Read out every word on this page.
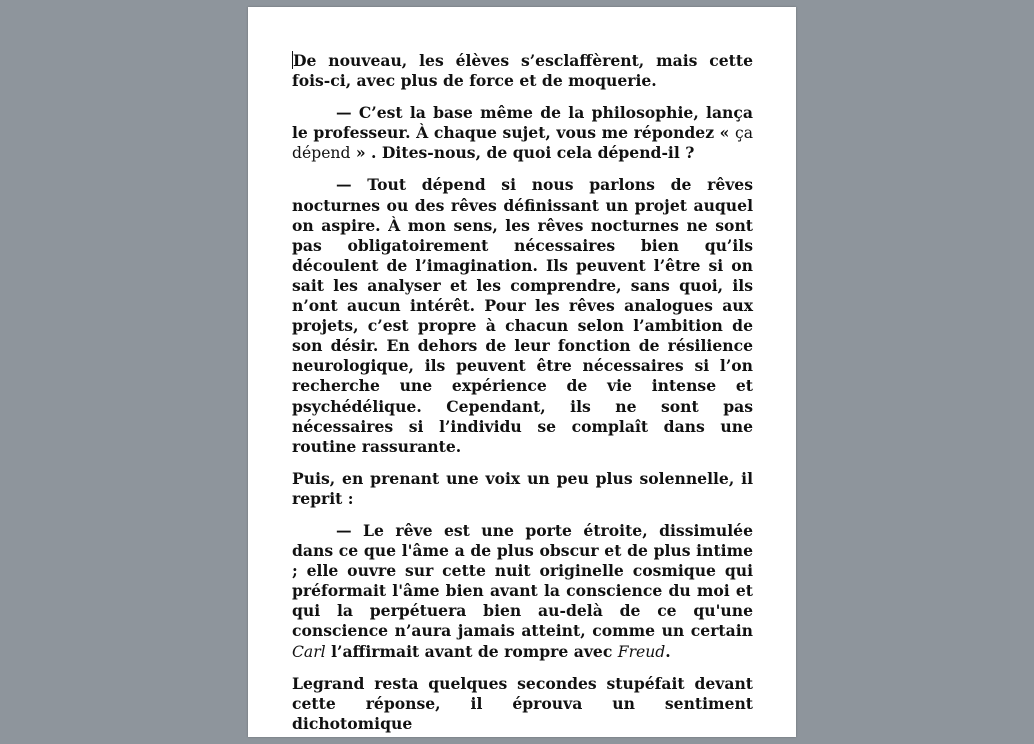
De nouveau, les élèves s’esclaffèrent, mais cette fois-ci, avec plus de force et de moquerie.

— C’est la base même de la philosophie, lança le professeur. À chaque sujet, vous me répondez « ça dépend » . Dites-nous, de quoi cela dépend-il ?

— Tout dépend si nous parlons de rêves nocturnes ou des rêves définissant un projet auquel on aspire. À mon sens, les rêves nocturnes ne sont pas obligatoirement nécessaires bien qu’ils découlent de l’imagination. Ils peuvent l’être si on sait les analyser et les comprendre, sans quoi, ils n’ont aucun intérêt. Pour les rêves analogues aux projets, c’est propre à chacun selon l’ambition de son désir. En dehors de leur fonction de résilience neurologique, ils peuvent être nécessaires si l’on recherche une expérience de vie intense et psychédélique. Cependant, ils ne sont pas nécessaires si l’individu se complaît dans une routine rassurante.

Puis, en prenant une voix un peu plus solennelle, il reprit :

— Le rêve est une porte étroite, dissimulée dans ce que l'âme a de plus obscur et de plus intime ; elle ouvre sur cette nuit originelle cosmique qui préformait l'âme bien avant la conscience du moi et qui la perpétuera bien au-delà de ce qu'une conscience n’aura jamais atteint, comme un certain Carl l’affirmait avant de rompre avec Freud.

Legrand resta quelques secondes stupéfait devant cette réponse, il éprouva un sentiment dichotomique
